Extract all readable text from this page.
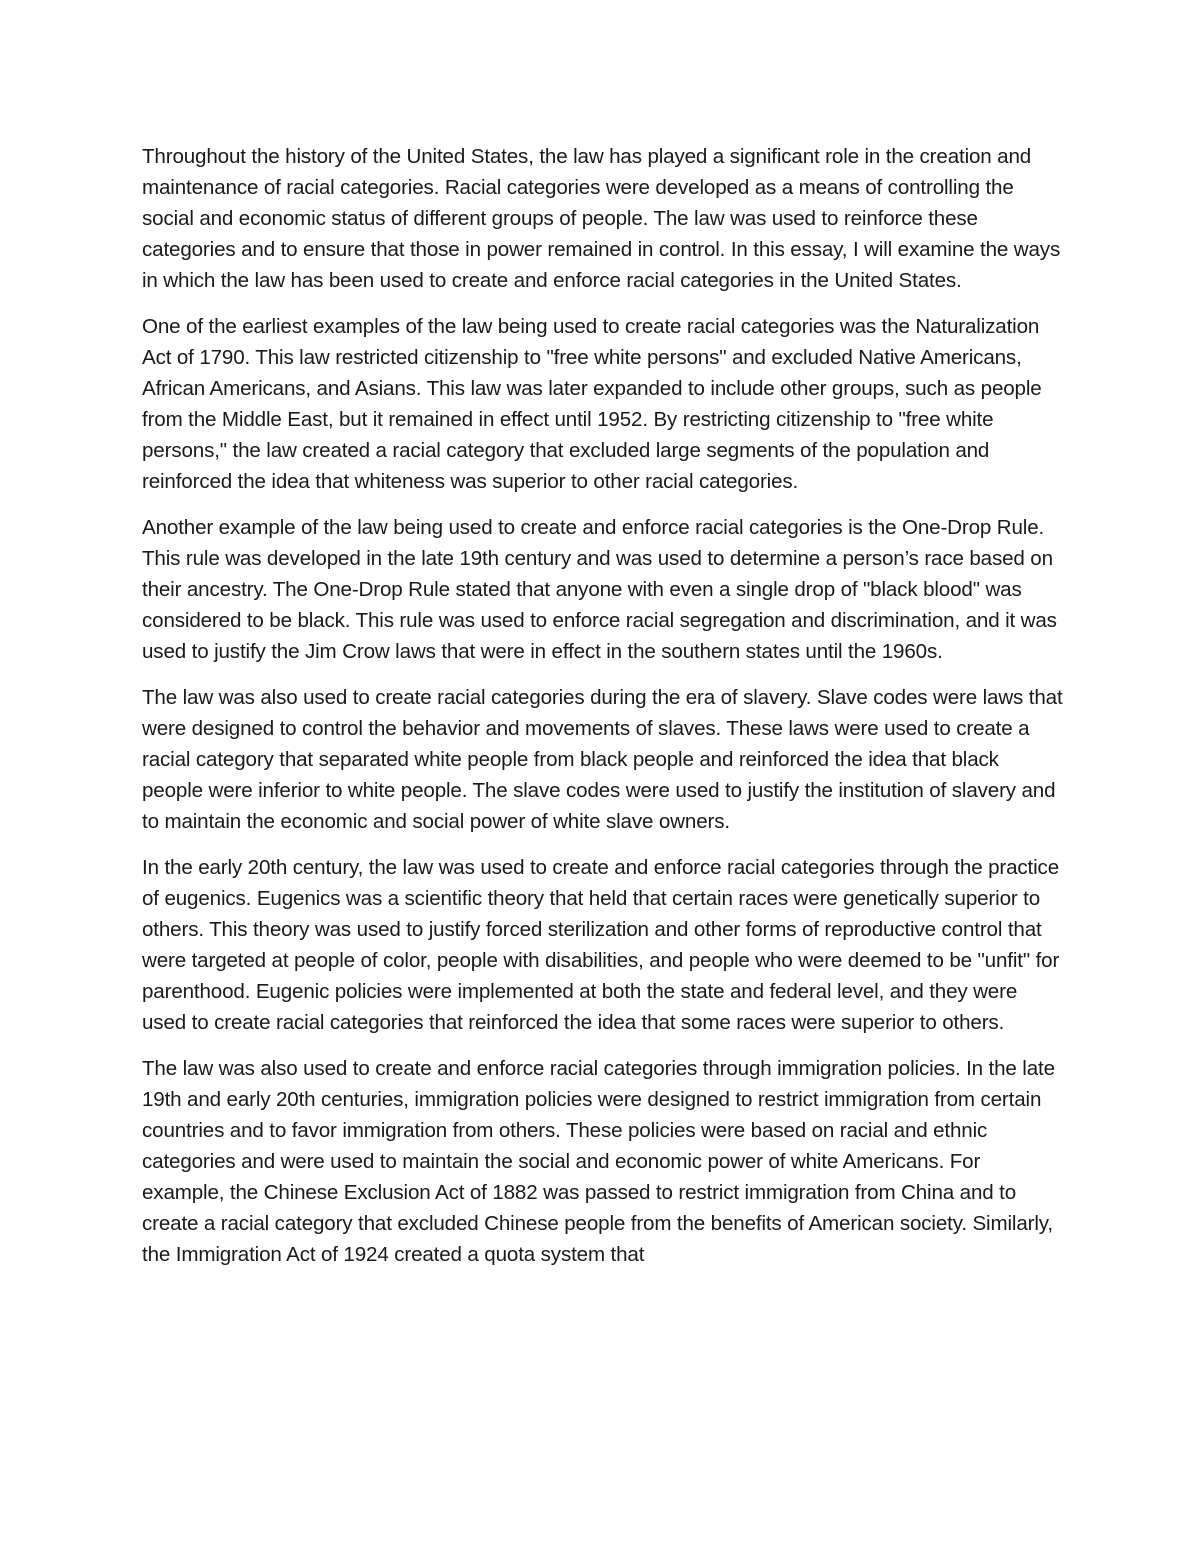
Throughout the history of the United States, the law has played a significant role in the creation and maintenance of racial categories. Racial categories were developed as a means of controlling the social and economic status of different groups of people. The law was used to reinforce these categories and to ensure that those in power remained in control. In this essay, I will examine the ways in which the law has been used to create and enforce racial categories in the United States.

One of the earliest examples of the law being used to create racial categories was the Naturalization Act of 1790. This law restricted citizenship to "free white persons" and excluded Native Americans, African Americans, and Asians. This law was later expanded to include other groups, such as people from the Middle East, but it remained in effect until 1952. By restricting citizenship to "free white persons," the law created a racial category that excluded large segments of the population and reinforced the idea that whiteness was superior to other racial categories.

Another example of the law being used to create and enforce racial categories is the One-Drop Rule. This rule was developed in the late 19th century and was used to determine a person’s race based on their ancestry. The One-Drop Rule stated that anyone with even a single drop of "black blood" was considered to be black. This rule was used to enforce racial segregation and discrimination, and it was used to justify the Jim Crow laws that were in effect in the southern states until the 1960s.

The law was also used to create racial categories during the era of slavery. Slave codes were laws that were designed to control the behavior and movements of slaves. These laws were used to create a racial category that separated white people from black people and reinforced the idea that black people were inferior to white people. The slave codes were used to justify the institution of slavery and to maintain the economic and social power of white slave owners.

In the early 20th century, the law was used to create and enforce racial categories through the practice of eugenics. Eugenics was a scientific theory that held that certain races were genetically superior to others. This theory was used to justify forced sterilization and other forms of reproductive control that were targeted at people of color, people with disabilities, and people who were deemed to be "unfit" for parenthood. Eugenic policies were implemented at both the state and federal level, and they were used to create racial categories that reinforced the idea that some races were superior to others.

The law was also used to create and enforce racial categories through immigration policies. In the late 19th and early 20th centuries, immigration policies were designed to restrict immigration from certain countries and to favor immigration from others. These policies were based on racial and ethnic categories and were used to maintain the social and economic power of white Americans. For example, the Chinese Exclusion Act of 1882 was passed to restrict immigration from China and to create a racial category that excluded Chinese people from the benefits of American society. Similarly, the Immigration Act of 1924 created a quota system that
